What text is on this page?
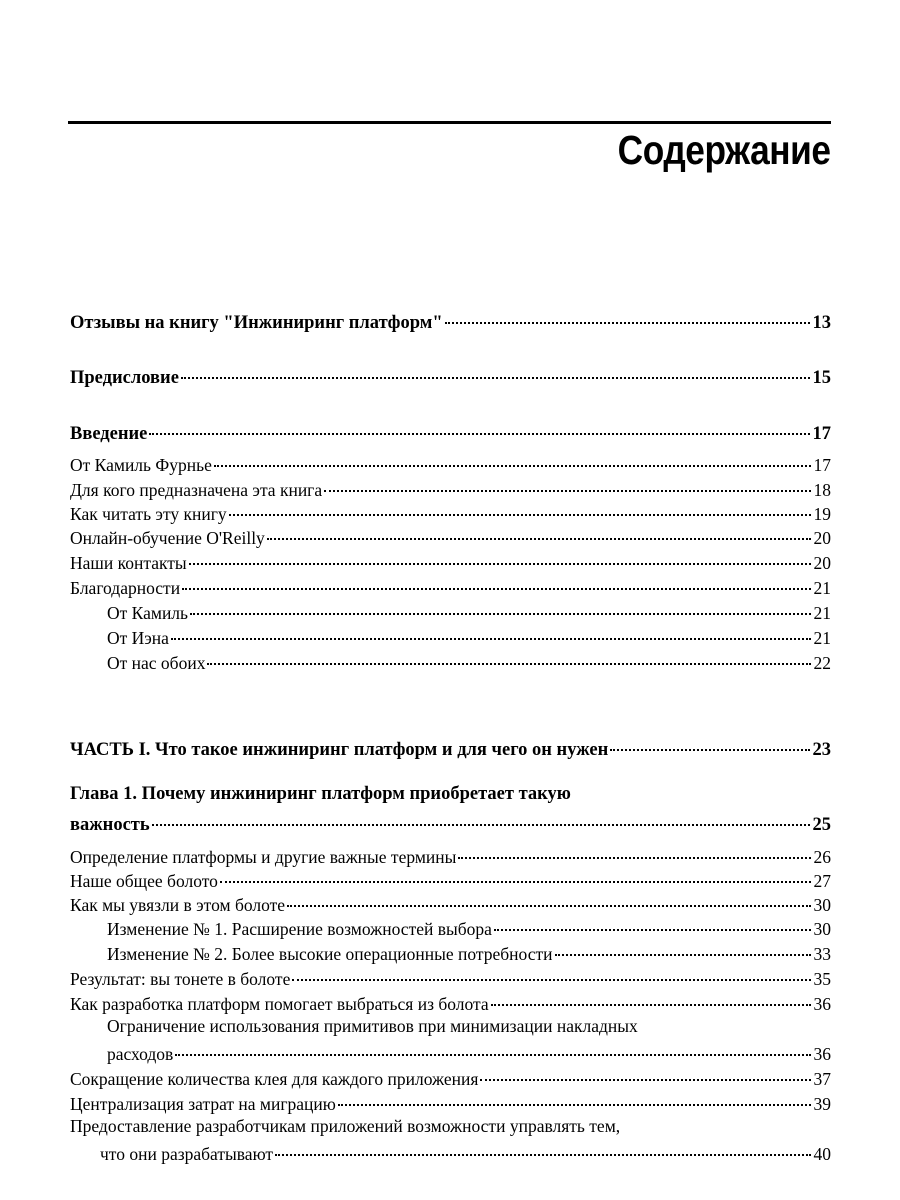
Содержание
Отзывы на книгу "Инжиниринг платформ"	13
Предисловие	15
Введение	17
От Камиль Фурнье	17
Для кого предназначена эта книга	18
Как читать эту книгу	19
Онлайн-обучение O'Reilly	20
Наши контакты	20
Благодарности	21
От Камиль	21
От Иэна	21
От нас обоих	22
ЧАСТЬ I. Что такое инжиниринг платформ и для чего он нужен	23
Глава 1. Почему инжиниринг платформ приобретает такую
важность	25
Определение платформы и другие важные термины	26
Наше общее болото	27
Как мы увязли в этом болоте	30
Изменение № 1. Расширение возможностей выбора	30
Изменение № 2. Более высокие операционные потребности	33
Результат: вы тонете в болоте	35
Как разработка платформ помогает выбраться из болота	36
Ограничение использования примитивов при минимизации накладных
расходов	36
Сокращение количества клея для каждого приложения	37
Централизация затрат на миграцию	39
Предоставление разработчикам приложений возможности управлять тем,
что они разрабатывают	40
